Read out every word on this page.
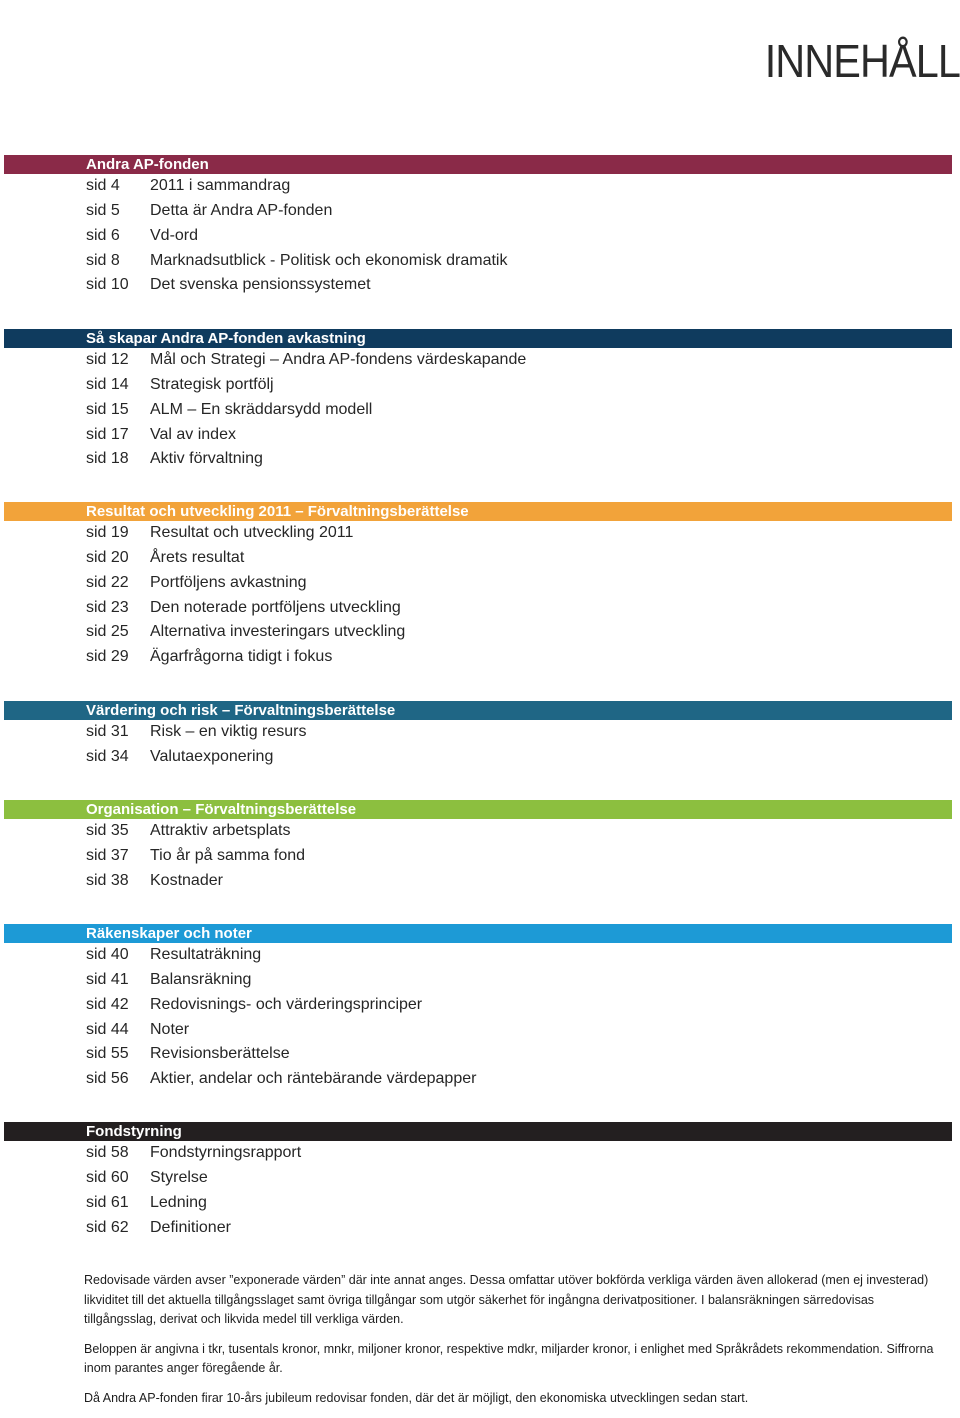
INNEHÅLL
Andra AP-fonden
sid 4 2011 i sammandrag
sid 5 Detta är Andra AP-fonden
sid 6 Vd-ord
sid 8 Marknadsutblick - Politisk och ekonomisk dramatik
sid 10 Det svenska pensionssystemet
Så skapar Andra AP-fonden avkastning
sid 12 Mål och Strategi – Andra AP-fondens värdeskapande
sid 14 Strategisk portfölj
sid 15 ALM – En skräddarsydd modell
sid 17 Val av index
sid 18 Aktiv förvaltning
Resultat och utveckling 2011 – Förvaltningsberättelse
sid 19 Resultat och utveckling 2011
sid 20 Årets resultat
sid 22 Portföljens avkastning
sid 23 Den noterade portföljens utveckling
sid 25 Alternativa investeringars utveckling
sid 29 Ägarfrågorna tidigt i fokus
Värdering och risk – Förvaltningsberättelse
sid 31 Risk – en viktig resurs
sid 34 Valutaexponering
Organisation – Förvaltningsberättelse
sid 35 Attraktiv arbetsplats
sid 37 Tio år på samma fond
sid 38 Kostnader
Räkenskaper och noter
sid 40 Resultaträkning
sid 41 Balansräkning
sid 42 Redovisnings- och värderingsprinciper
sid 44 Noter
sid 55 Revisionsberättelse
sid 56 Aktier, andelar och räntebärande värdepapper
Fondstyrning
sid 58 Fondstyrningsrapport
sid 60 Styrelse
sid 61 Ledning
sid 62 Definitioner

Redovisade värden avser ”exponerade värden” där inte annat anges. Dessa omfattar utöver bokförda verkliga värden även allokerad (men ej investerad) likviditet till det aktuella tillgångsslaget samt övriga tillgångar som utgör säkerhet för ingångna derivatpositioner. I balansräkningen särredovisas tillgångsslag, derivat och likvida medel till verkliga värden.

Beloppen är angivna i tkr, tusentals kronor, mnkr, miljoner kronor, respektive mdkr, miljarder kronor, i enlighet med Språkrådets rekommendation. Siffrorna inom parantes anger föregående år.

Då Andra AP-fonden firar 10-års jubileum redovisar fonden, där det är möjligt, den ekonomiska utvecklingen sedan start.
